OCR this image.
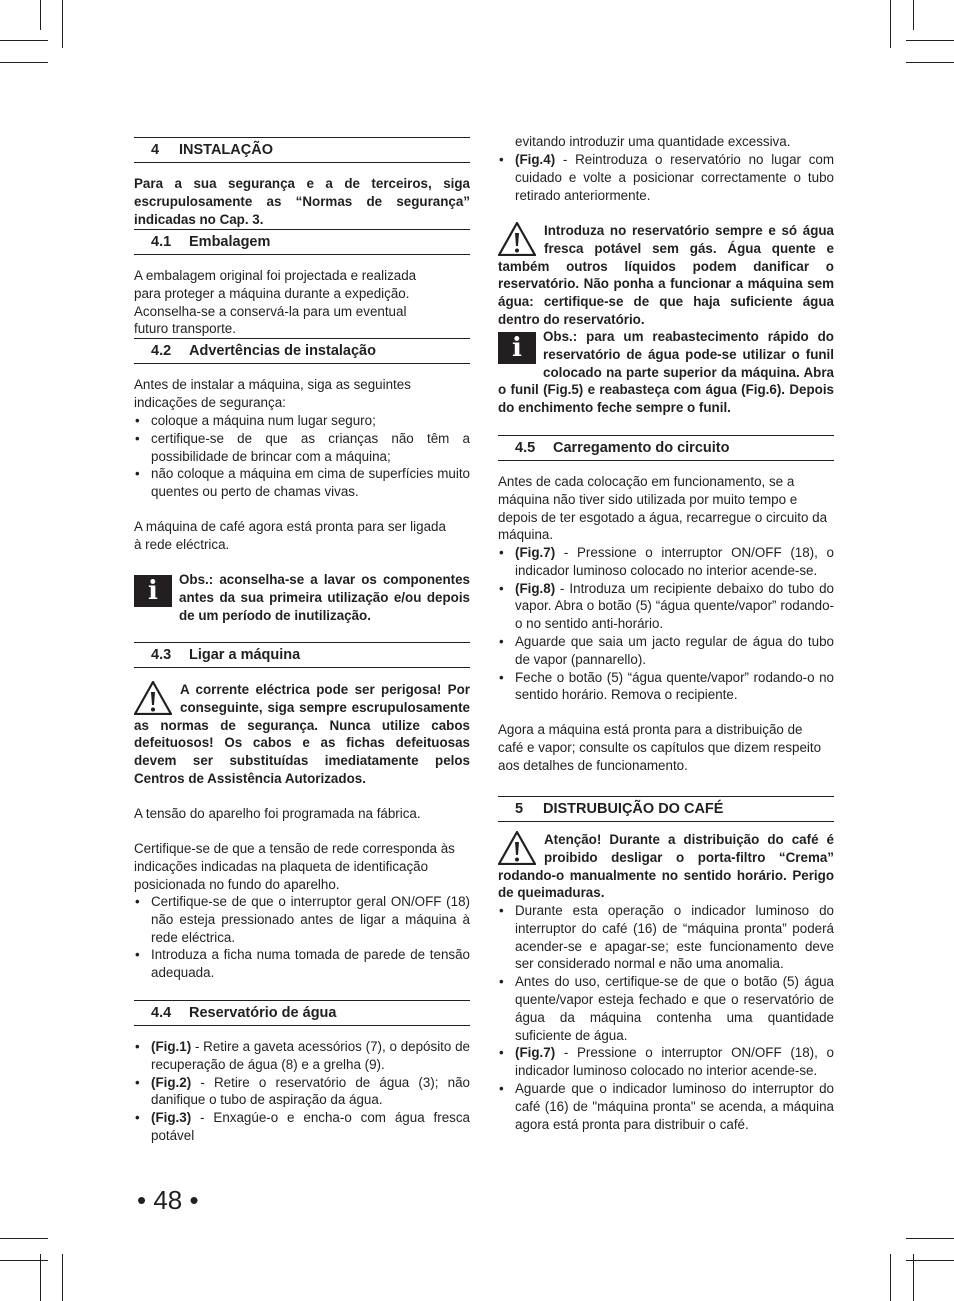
4 INSTALAÇÃO

Para a sua segurança e a de terceiros, siga escrupulosamente as “Normas de segurança” indicadas no Cap. 3.

4.1 Embalagem

A embalagem original foi projectada e realizada para proteger a máquina durante a expedição. Aconselha-se a conservá-la para um eventual futuro transporte.

4.2 Advertências de instalação

Antes de instalar a máquina, siga as seguintes indicações de segurança:

• coloque a máquina num lugar seguro;
• certifique-se de que as crianças não têm a possibilidade de brincar com a máquina;
• não coloque a máquina em cima de superfícies muito quentes ou perto de chamas vivas.

A máquina de café agora está pronta para ser ligada à rede eléctrica.

i	Obs.: aconselha-se a lavar os componentes antes da sua primeira utilização e/ou depois de um período de inutilização.
4.3 Ligar a máquina
A corrente eléctrica pode ser perigosa! Por conseguinte, siga sempre escrupulosamente as normas de segurança. Nunca utilize cabos defeituosos! Os cabos e as fichas defeituosas devem ser substituídas imediatamente pelos Centros de Assistência Autorizados.

A tensão do aparelho foi programada na fábrica.

Certifique-se de que a tensão de rede corresponda às indicações indicadas na plaqueta de identificação posicionada no fundo do aparelho.

• Certifique-se de que o interruptor geral ON/OFF (18) não esteja pressionado antes de ligar a máquina à rede eléctrica.
• Introduza a ficha numa tomada de parede de tensão adequada.
4.4 Reservatório de água
• (Fig.1) - Retire a gaveta acessórios (7), o depósito de recuperação de água (8) e a grelha (9).
• (Fig.2) - Retire o reservatório de água (3); não danifique o tubo de aspiração da água.
• (Fig.3) - Enxagúe-o e encha-o com água fresca potável

evitando introduzir uma quantidade excessiva.

• (Fig.4) - Reintroduza o reservatório no lugar com cuidado e volte a posicionar correctamente o tubo retirado anteriormente.
Introduza no reservatório sempre e só água fresca potável sem gás. Água quente e também outros líquidos podem danificar o reservatório. Não ponha a funcionar a máquina sem água: certifique-se de que haja suficiente água dentro do reservatório.
i	Obs.: para um reabastecimento rápido do reservatório de água pode-se utilizar o funil colocado na parte superior da máquina. Abra o funil (Fig.5) e reabasteça com água (Fig.6). Depois do enchimento feche sempre o funil.
4.5 Carregamento do circuito

Antes de cada colocação em funcionamento, se a máquina não tiver sido utilizada por muito tempo e depois de ter esgotado a água, recarregue o circuito da máquina.

• (Fig.7) - Pressione o interruptor ON/OFF (18), o indicador luminoso colocado no interior acende-se.
• (Fig.8) - Introduza um recipiente debaixo do tubo do vapor. Abra o botão (5) “água quente/vapor” rodando-o no sentido anti-horário.
• Aguarde que saia um jacto regular de água do tubo de vapor (pannarello).
• Feche o botão (5) “água quente/vapor” rodando-o no sentido horário. Remova o recipiente.

Agora a máquina está pronta para a distribuição de café e vapor; consulte os capítulos que dizem respeito aos detalhes de funcionamento.

5 DISTRUBUIÇÃO DO CAFÉ
Atenção! Durante a distribuição do café é proibido desligar o porta-filtro “Crema” rodando-o manualmente no sentido horário. Perigo de queimaduras.
• Durante esta operação o indicador luminoso do interruptor do café (16) de “máquina pronta” poderá acender-se e apagar-se; este funcionamento deve ser considerado normal e não uma anomalia.
• Antes do uso, certifique-se de que o botão (5) água quente/vapor esteja fechado e que o reservatório de água da máquina contenha uma quantidade suficiente de água.
• (Fig.7) - Pressione o interruptor ON/OFF (18), o indicador luminoso colocado no interior acende-se.
• Aguarde que o indicador luminoso do interruptor do café (16) de "máquina pronta" se acenda, a máquina agora está pronta para distribuir o café.
• 48 •
